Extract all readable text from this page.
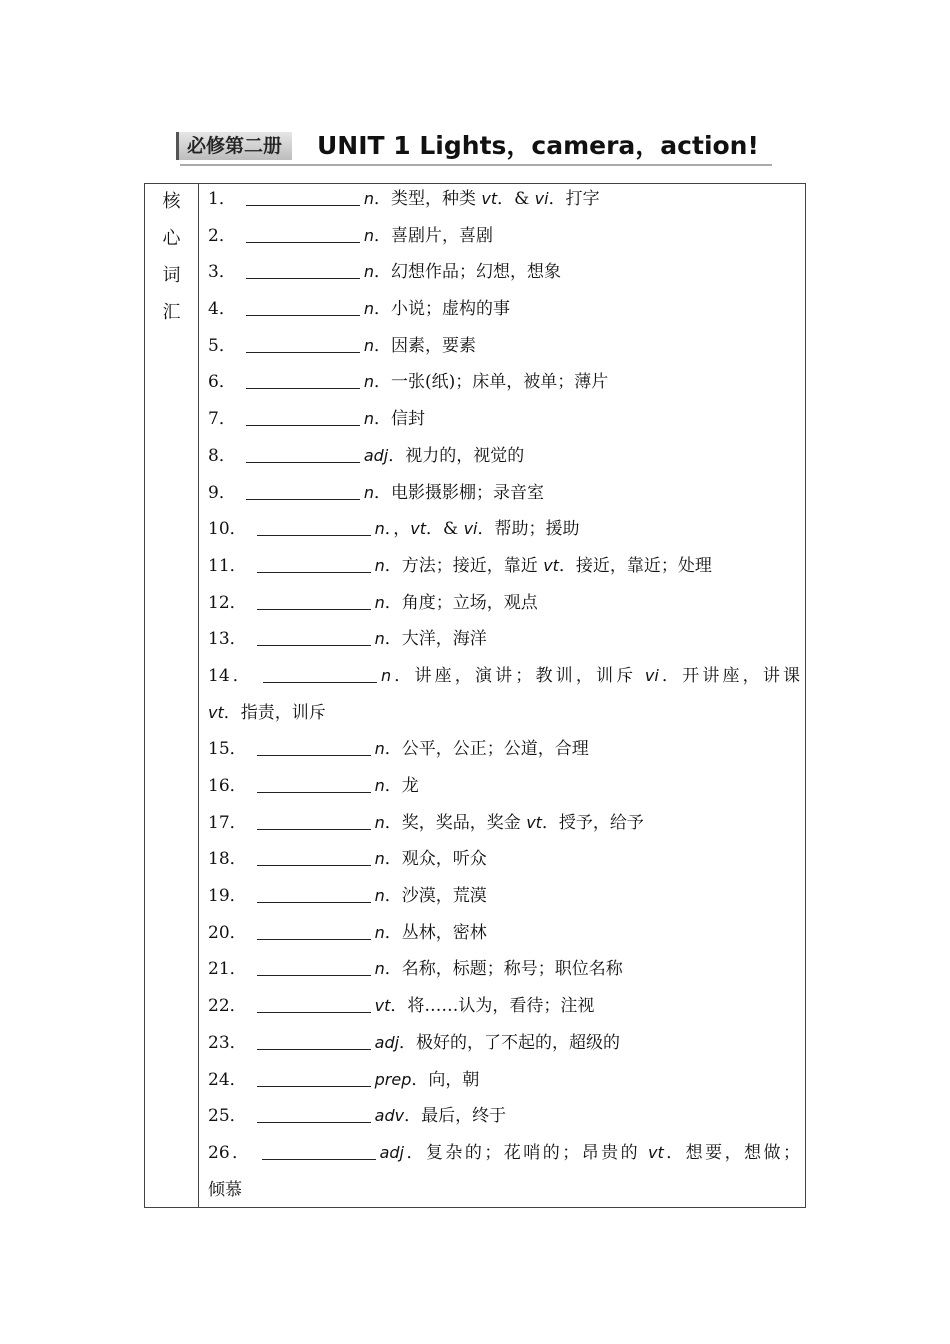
必修第二册	UNIT 1 Lights，camera，action!
核
心
词
汇
1．	n．类型，种类 vt．& vi．打字
2．	n．喜剧片，喜剧
3．	n．幻想作品；幻想，想象
4．	n．小说；虚构的事
5．	n．因素，要素
6．	n．一张(纸)；床单，被单；薄片
7．	n．信封
8．	adj．视力的，视觉的
9．	n．电影摄影棚；录音室
10．	n．，vt．& vi．帮助；援助
11．	n．方法；接近，靠近 vt．接近，靠近；处理
12．	n．角度；立场，观点
13．	n．大洋，海洋
14．	n．讲座，演讲；教训，训斥 vi．开讲座，讲课
vt．指责，训斥
15．	n．公平，公正；公道，合理
16．	n．龙
17．	n．奖，奖品，奖金 vt．授予，给予
18．	n．观众，听众
19．	n．沙漠，荒漠
20．	n．丛林，密林
21．	n．名称，标题；称号；职位名称
22．	vt．将……认为，看待；注视
23．	adj．极好的，了不起的，超级的
24．	prep．向，朝
25．	adv．最后，终于
26．	adj．复杂的；花哨的；昂贵的 vt．想要，想做；
倾慕
